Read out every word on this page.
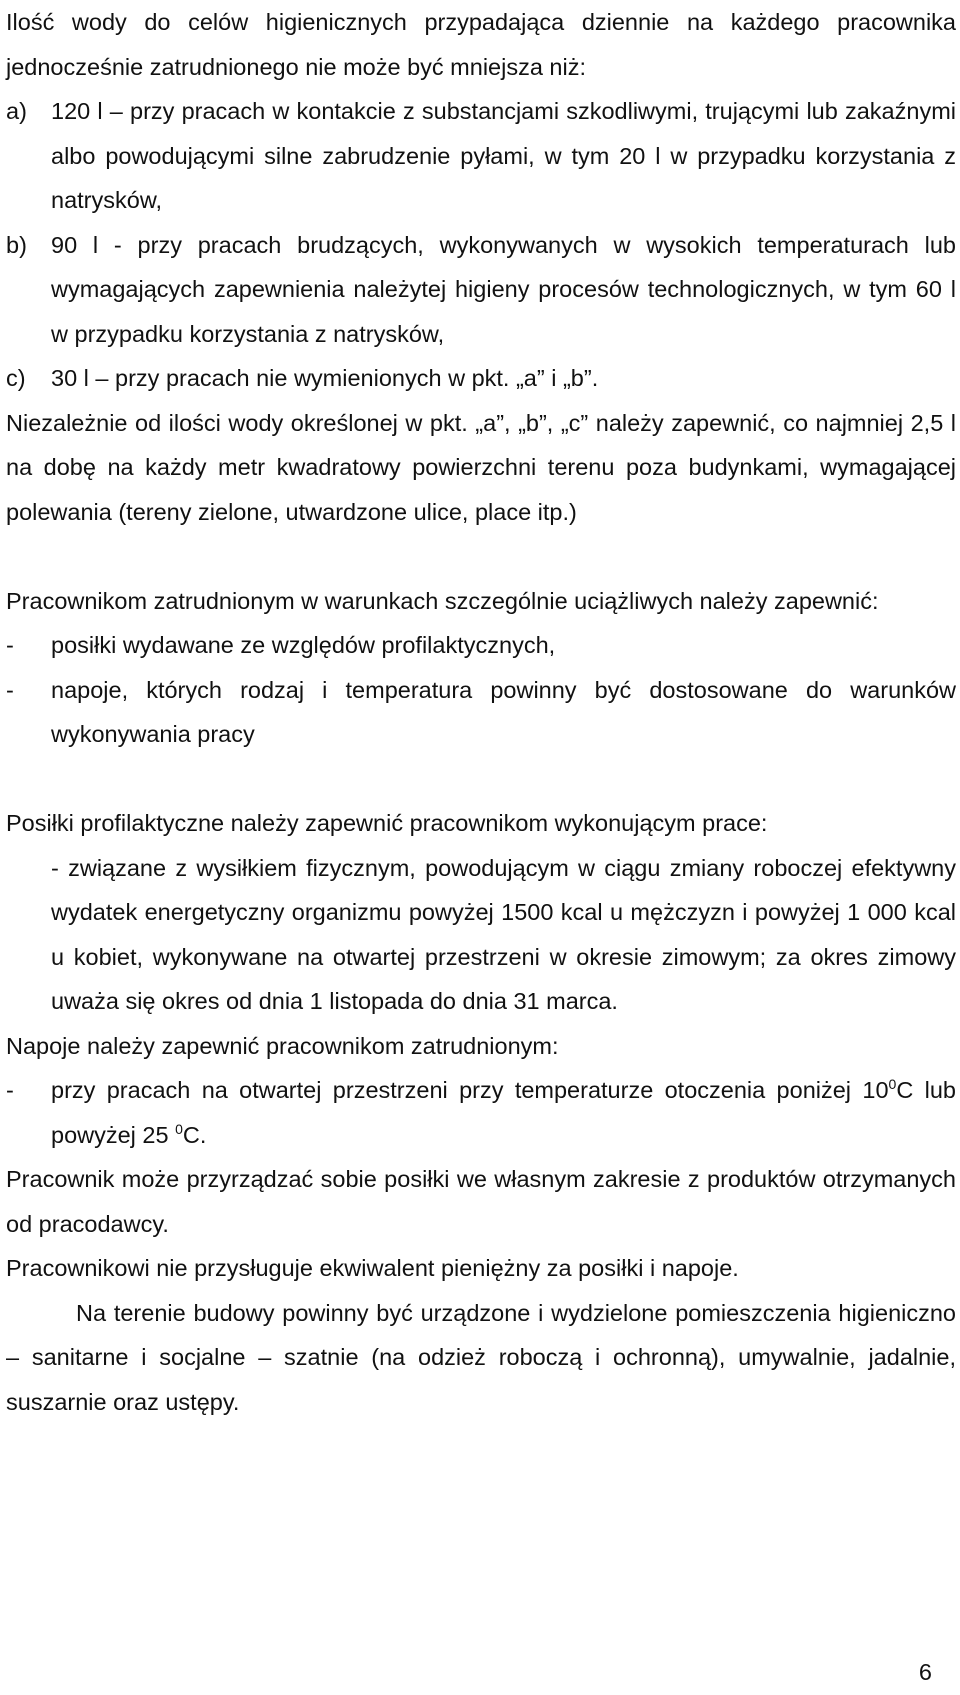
Ilość wody do celów higienicznych przypadająca dziennie na każdego pracownika jednocześnie zatrudnionego nie może być mniejsza niż:

a)	120 l – przy pracach w kontakcie z substancjami szkodliwymi, trującymi lub zakaźnymi albo powodującymi silne zabrudzenie pyłami, w tym 20 l w przypadku korzystania z natrysków,
b)	90 l - przy pracach brudzących, wykonywanych w wysokich temperaturach lub wymagających zapewnienia należytej higieny procesów technologicznych, w tym 60 l w przypadku korzystania z natrysków,
c)	30 l – przy pracach nie wymienionych w pkt. „a” i „b”.

Niezależnie od ilości wody określonej w pkt. „a”, „b”, „c” należy zapewnić, co najmniej 2,5 l na dobę na każdy metr kwadratowy powierzchni terenu poza budynkami, wymagającej polewania (tereny zielone, utwardzone ulice, place itp.)

Pracownikom zatrudnionym w warunkach szczególnie uciążliwych należy zapewnić:

-	posiłki wydawane ze względów profilaktycznych,
-	napoje, których rodzaj i temperatura powinny być dostosowane do warunków wykonywania pracy

Posiłki profilaktyczne należy zapewnić pracownikom wykonującym prace:

- związane z wysiłkiem fizycznym, powodującym w ciągu zmiany roboczej efektywny wydatek energetyczny organizmu powyżej 1500 kcal u mężczyzn i powyżej 1 000 kcal u kobiet, wykonywane na otwartej przestrzeni w okresie zimowym; za okres zimowy uważa się okres od dnia 1 listopada do dnia 31 marca.

Napoje należy zapewnić pracownikom zatrudnionym:

-	przy pracach na otwartej przestrzeni przy temperaturze otoczenia poniżej $10^0C$ lub powyżej 25 $^0$C.

Pracownik może przyrządzać sobie posiłki we własnym zakresie z produktów otrzymanych od pracodawcy.

Pracownikowi nie przysługuje ekwiwalent pieniężny za posiłki i napoje.

Na terenie budowy powinny być urządzone i wydzielone pomieszczenia higieniczno – sanitarne i socjalne – szatnie (na odzież roboczą i ochronną), umywalnie, jadalnie, suszarnie oraz ustępy.

6
